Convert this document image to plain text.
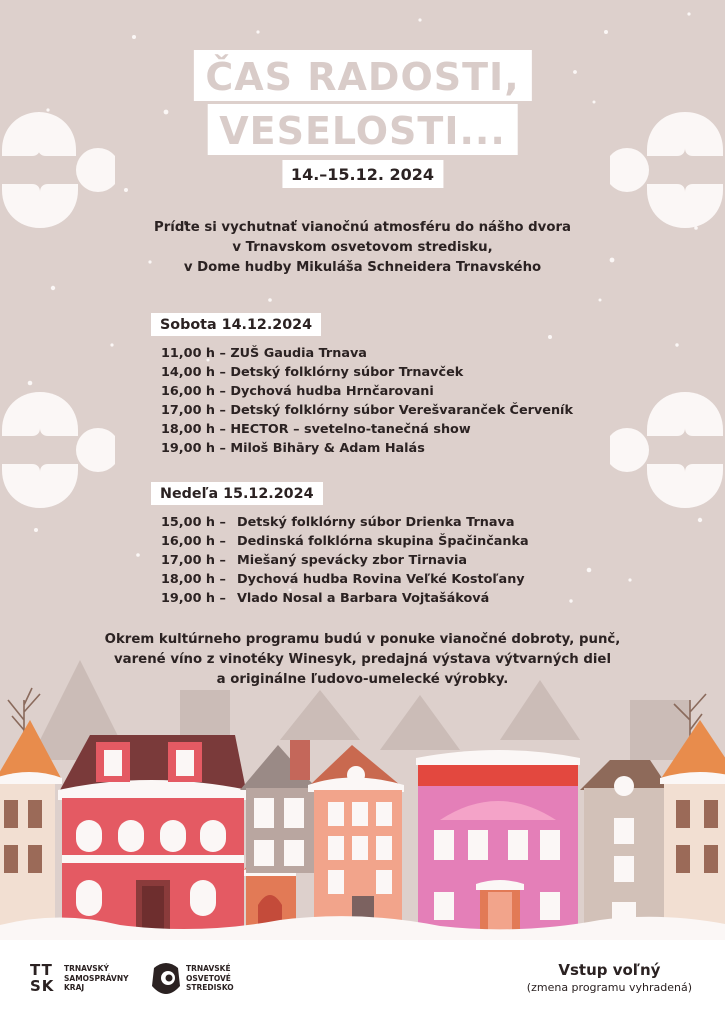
ČAS RADOSTI,
VESELOSTI...
14.–15.12. 2024
Príďte si vychutnať vianočnú atmosféru do nášho dvora
v Trnavskom osvetovom stredisku,
v Dome hudby Mikuláša Schneidera Trnavského
Sobota 14.12.2024
11,00 h – ZUŠ Gaudia Trnava
14,00 h – Detský folklórny súbor Trnavček
16,00 h – Dychová hudba Hrnčarovani
17,00 h – Detský folklórny súbor Verešvaranček Červeník
18,00 h – HECTOR – svetelno-tanečná show
19,00 h – Miloš Bihāry & Adam Halás
Nedeľa 15.12.2024
15,00 h – Detský folklórny súbor Drienka Trnava
16,00 h – Dedinská folklórna skupina Špačinčanka
17,00 h – Miešaný spevácky zbor Tirnavia
18,00 h – Dychová hudba Rovina Veľké Kostoľany
19,00 h – Vlado Nosal a Barbara Vojtašáková
Okrem kultúrneho programu budú v ponuke vianočné dobroty, punč,
varené víno z vinotéky Winesyk, predajná výstava výtvarných diel
a originálne ľudovo-umelecké výrobky.
TT
SK
TRNAVSKÝ
SAMOSPRÁVNY
KRAJ
TRNAVSKÉ
OSVETOVÉ
STREDISKO
Vstup voľný
(zmena programu vyhradená)
